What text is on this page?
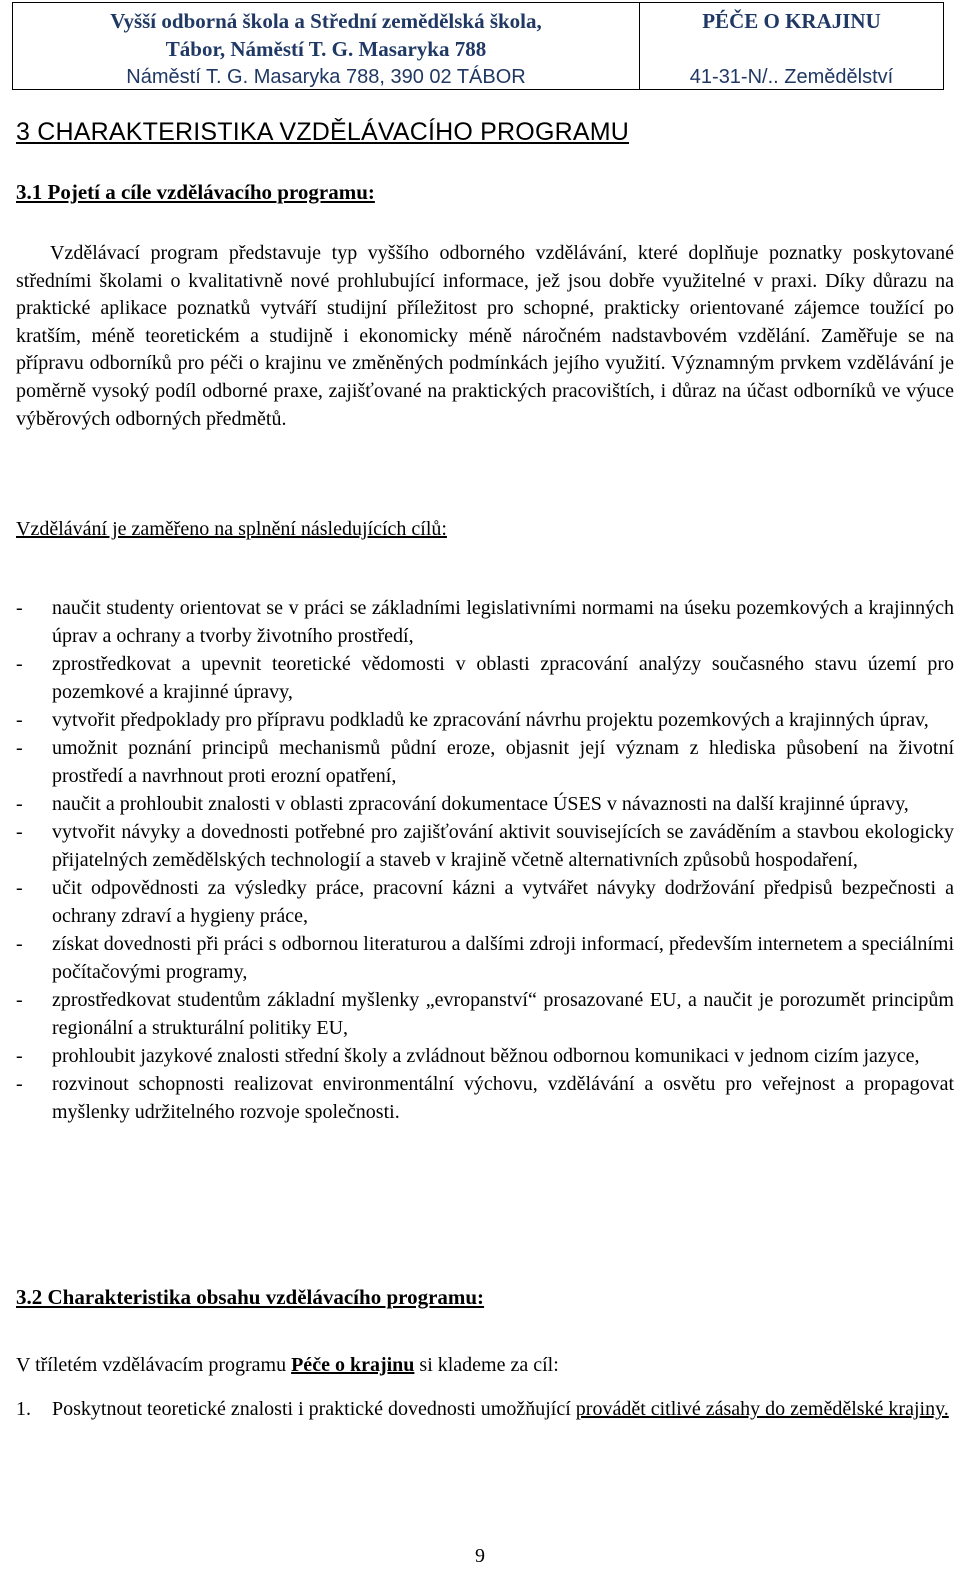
Vyšší odborná škola a Střední zemědělská škola,
Tábor, Náměstí T. G. Masaryka 788
Náměstí T. G. Masaryka 788, 390 02 TÁBOR
PÉČE O KRAJINU
41-31-N/.. Zemědělství
3 CHARAKTERISTIKA VZDĚLÁVACÍHO PROGRAMU
3.1 Pojetí a cíle vzdělávacího programu:

Vzdělávací program představuje typ vyššího odborného vzdělávání, které doplňuje poznatky poskytované středními školami o kvalitativně nové prohlubující informace, jež jsou dobře využitelné v praxi. Díky důrazu na praktické aplikace poznatků vytváří studijní příležitost pro schopné, prakticky orientované zájemce toužící po kratším, méně teoretickém a studijně i ekonomicky méně náročném nadstavbovém vzdělání. Zaměřuje se na přípravu odborníků pro péči o krajinu ve změněných podmínkách jejího využití. Významným prvkem vzdělávání je poměrně vysoký podíl odborné praxe, zajišťované na praktických pracovištích, i důraz na účast odborníků ve výuce výběrových odborných předmětů.

Vzdělávání je zaměřeno na splnění následujících cílů:
- naučit studenty orientovat se v práci se základními legislativními normami na úseku pozemkových a krajinných úprav a ochrany a tvorby životního prostředí,
- zprostředkovat a upevnit teoretické vědomosti v oblasti zpracování analýzy současného stavu území pro pozemkové a krajinné úpravy,
- vytvořit předpoklady pro přípravu podkladů ke zpracování návrhu projektu pozemkových a krajinných úprav,
- umožnit poznání principů mechanismů půdní eroze, objasnit její význam z hlediska působení na životní prostředí a navrhnout proti erozní opatření,
- naučit a prohloubit znalosti v oblasti zpracování dokumentace ÚSES v návaznosti na další krajinné úpravy,
- vytvořit návyky a dovednosti potřebné pro zajišťování aktivit souvisejících se zaváděním a stavbou ekologicky přijatelných zemědělských technologií a staveb v krajině včetně alternativních způsobů hospodaření,
- učit odpovědnosti za výsledky práce, pracovní kázni a vytvářet návyky dodržování předpisů bezpečnosti a ochrany zdraví a hygieny práce,
- získat dovednosti při práci s odbornou literaturou a dalšími zdroji informací, především internetem a speciálními počítačovými programy,
- zprostředkovat studentům základní myšlenky „evropanství“ prosazované EU, a naučit je porozumět principům regionální a strukturální politiky EU,
- prohloubit jazykové znalosti střední školy a zvládnout běžnou odbornou komunikaci v jednom cizím jazyce,
- rozvinout schopnosti realizovat environmentální výchovu, vzdělávání a osvětu pro veřejnost a propagovat myšlenky udržitelného rozvoje společnosti.
3.2 Charakteristika obsahu vzdělávacího programu:
V tříletém vzdělávacím programu Péče o krajinu si klademe za cíl:
1. Poskytnout teoretické znalosti i praktické dovednosti umožňující provádět citlivé zásahy do zemědělské krajiny.
9
